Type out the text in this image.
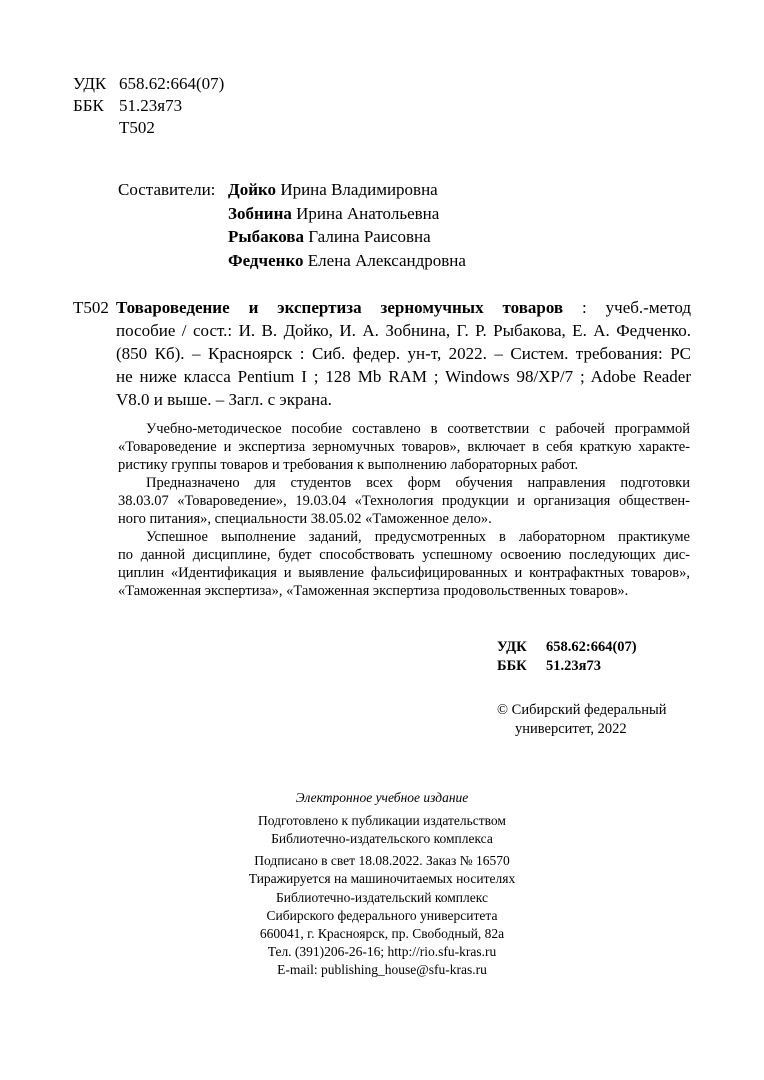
УДК 658.62:664(07)
ББК 51.23я73
Т502
Составители: Дойко Ирина Владимировна
Зобнина Ирина Анатольевна
Рыбакова Галина Раисовна
Федченко Елена Александровна
Т502 Товароведение и экспертиза зерномучных товаров : учеб.-метод
пособие / сост.: И. В. Дойко, И. А. Зобнина, Г. Р. Рыбакова, Е. А. Федченко.
(850 Кб). – Красноярск : Сиб. федер. ун-т, 2022. – Систем. требования: PC
не ниже класса Pentium I ; 128 Mb RAM ; Windows 98/XP/7 ; Adobe Reader
V8.0 и выше. – Загл. с экрана.
Учебно-методическое пособие составлено в соответствии с рабочей программой
«Товароведение и экспертиза зерномучных товаров», включает в себя краткую характе-
ристику группы товаров и требования к выполнению лабораторных работ.
Предназначено для студентов всех форм обучения направления подготовки
38.03.07 «Товароведение», 19.03.04 «Технология продукции и организация обществен-
ного питания», специальности 38.05.02 «Таможенное дело».
Успешное выполнение заданий, предусмотренных в лабораторном практикуме
по данной дисциплине, будет способствовать успешному освоению последующих дис-
циплин «Идентификация и выявление фальсифицированных и контрафактных товаров»,
«Таможенная экспертиза», «Таможенная экспертиза продовольственных товаров».
УДК 658.62:664(07)
ББК 51.23я73
© Сибирский федеральный
университет, 2022
Электронное учебное издание
Подготовлено к публикации издательством
Библиотечно-издательского комплекса
Подписано в свет 18.08.2022. Заказ № 16570
Тиражируется на машиночитаемых носителях
Библиотечно-издательский комплекс
Сибирского федерального университета
660041, г. Красноярск, пр. Свободный, 82а
Тел. (391)206-26-16; http://rio.sfu-kras.ru
E-mail: publishing_house@sfu-kras.ru
